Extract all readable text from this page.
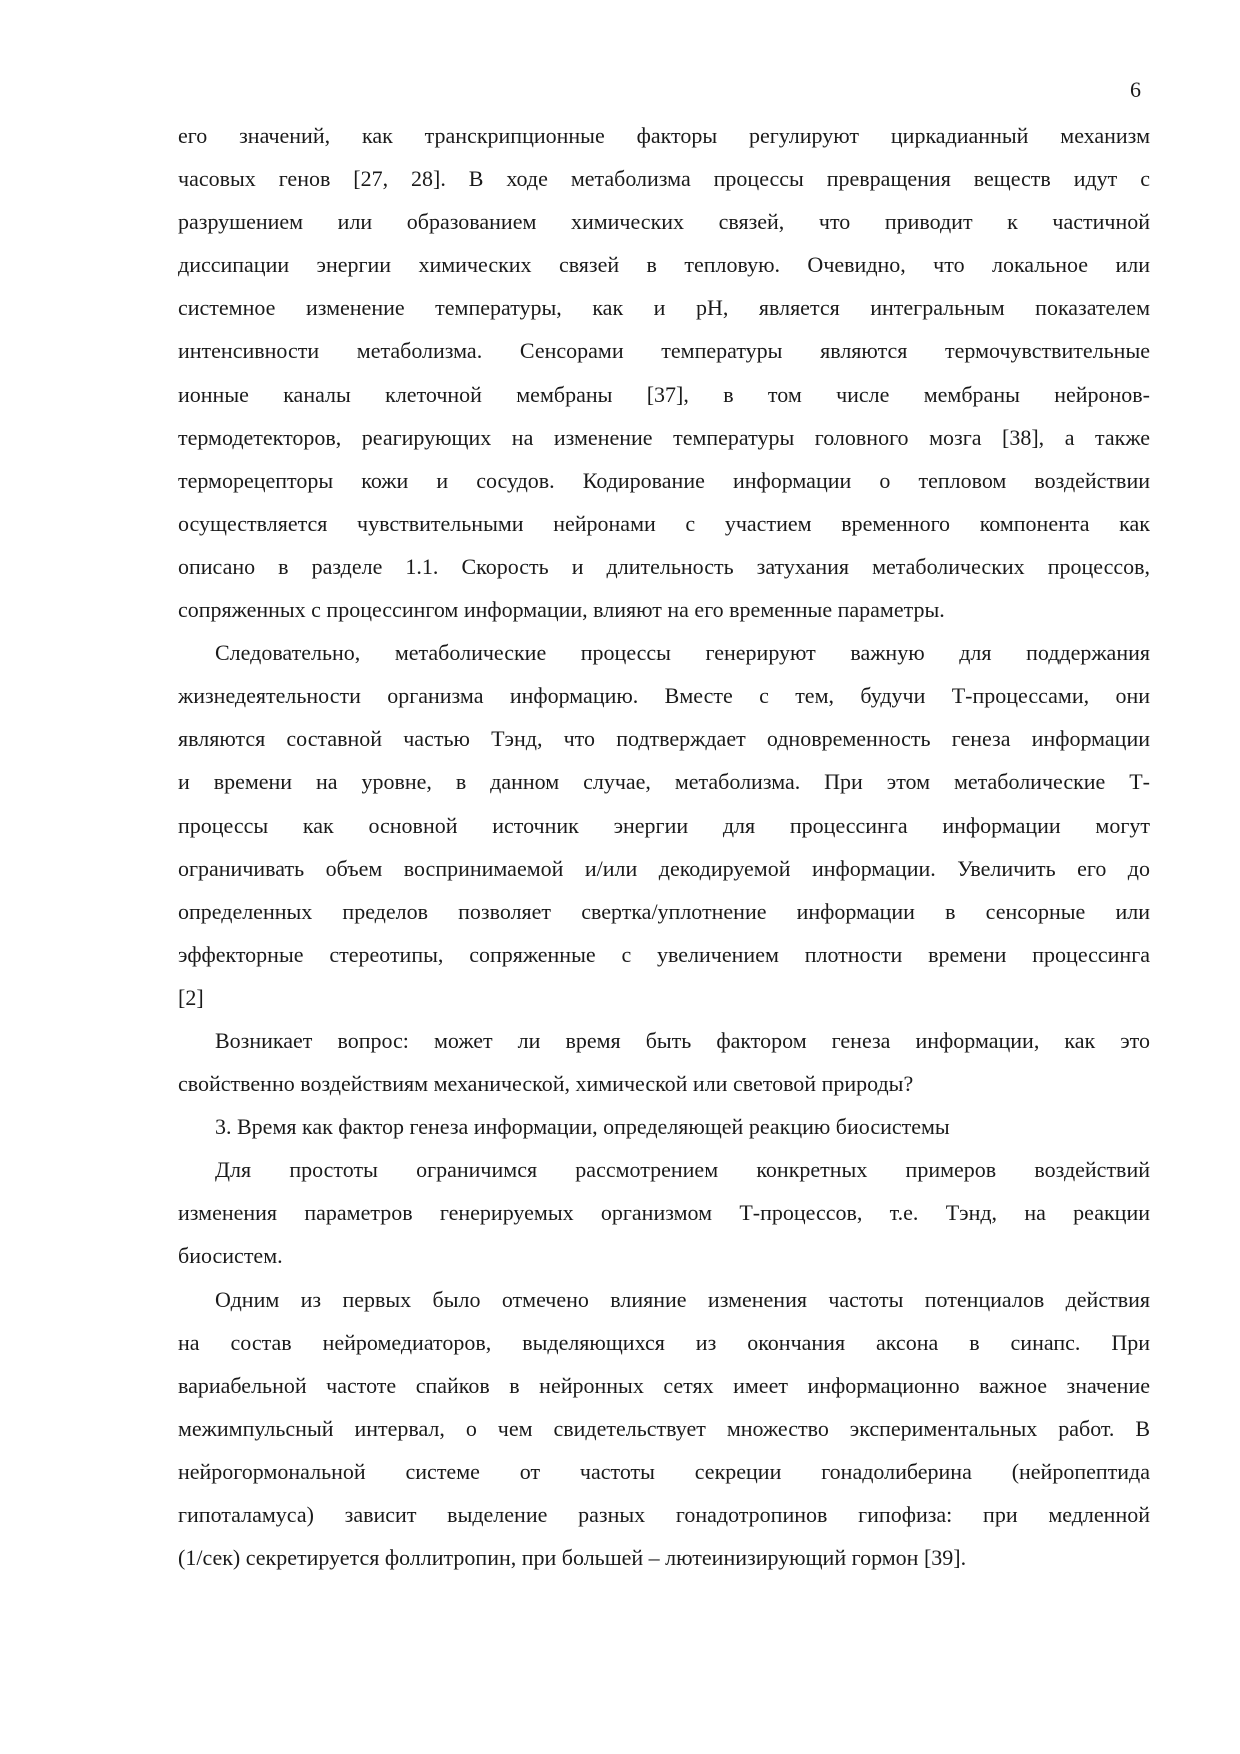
6
его значений, как транскрипционные факторы регулируют циркадианный механизм
часовых генов [27, 28]. В ходе метаболизма процессы превращения веществ идут с
разрушением или образованием химических связей, что приводит к частичной
диссипации энергии химических связей в тепловую. Очевидно, что локальное или
системное изменение температуры, как и рН, является интегральным показателем
интенсивности метаболизма. Сенсорами температуры являются термочувствительные
ионные каналы клеточной мембраны [37], в том числе мембраны нейронов-
термодетекторов, реагирующих на изменение температуры головного мозга [38], а также
терморецепторы кожи и сосудов. Кодирование информации о тепловом воздействии
осуществляется чувствительными нейронами с участием временного компонента как
описано в разделе 1.1. Скорость и длительность затухания метаболических процессов,
сопряженных с процессингом информации, влияют на его временные параметры.
Следовательно, метаболические процессы генерируют важную для поддержания
жизнедеятельности организма информацию. Вместе с тем, будучи Т-процессами, они
являются составной частью Тэнд, что подтверждает одновременность генеза информации
и времени на уровне, в данном случае, метаболизма. При этом метаболические Т-
процессы как основной источник энергии для процессинга информации могут
ограничивать объем воспринимаемой и/или декодируемой информации. Увеличить его до
определенных пределов позволяет свертка/уплотнение информации в сенсорные или
эффекторные стереотипы, сопряженные с увеличением плотности времени процессинга
[2]
Возникает вопрос: может ли время быть фактором генеза информации, как это
свойственно воздействиям механической, химической или световой природы?
3. Время как фактор генеза информации, определяющей реакцию биосистемы
Для простоты ограничимся рассмотрением конкретных примеров воздействий
изменения параметров генерируемых организмом Т-процессов, т.е. Тэнд, на реакции
биосистем.
Одним из первых было отмечено влияние изменения частоты потенциалов действия
на состав нейромедиаторов, выделяющихся из окончания аксона в синапс. При
вариабельной частоте спайков в нейронных сетях имеет информационно важное значение
межимпульсный интервал, о чем свидетельствует множество экспериментальных работ. В
нейрогормональной системе от частоты секреции гонадолиберина (нейропептида
гипоталамуса) зависит выделение разных гонадотропинов гипофиза: при медленной
(1/сек) секретируется фоллитропин, при большей – лютеинизирующий гормон [39].
